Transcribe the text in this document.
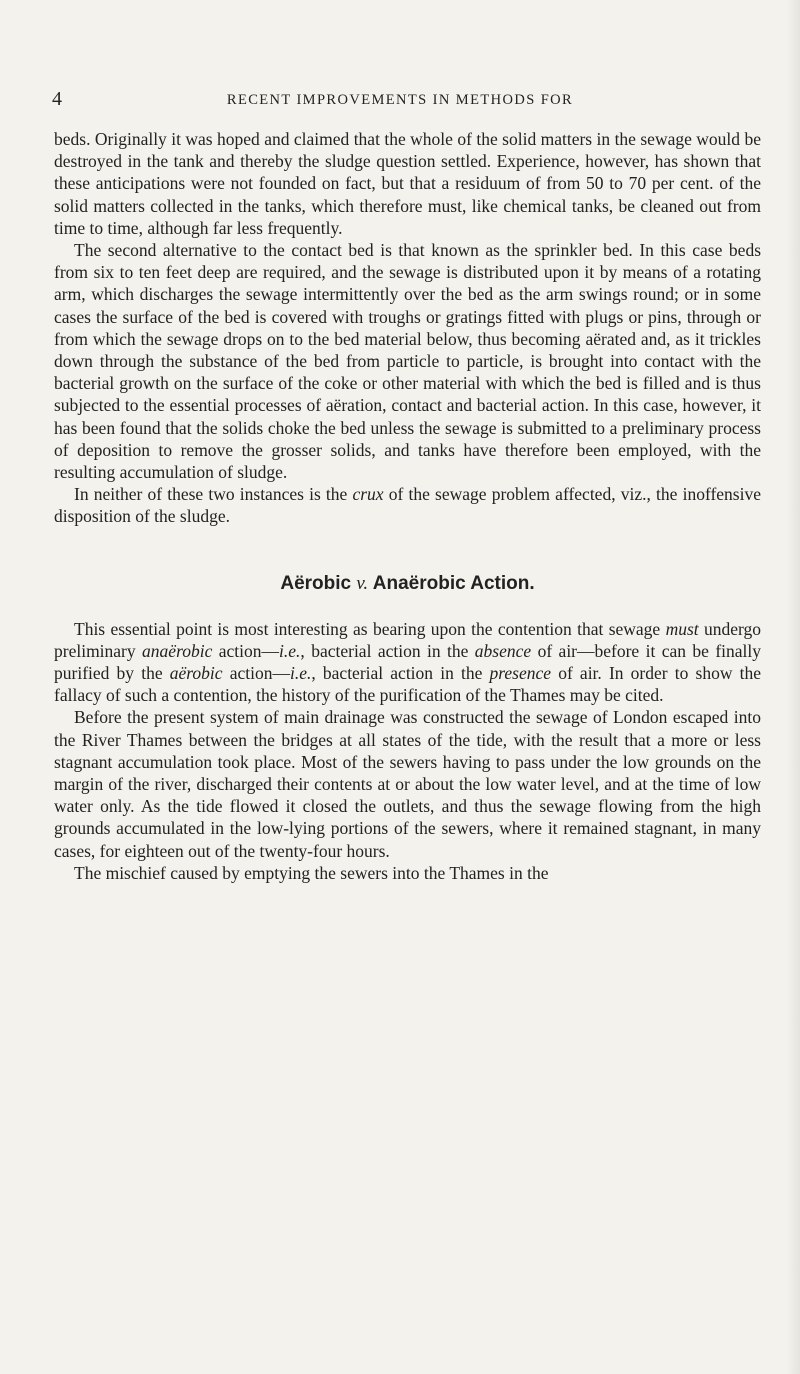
4	RECENT IMPROVEMENTS IN METHODS FOR

beds. Originally it was hoped and claimed that the whole of the solid matters in the sewage would be destroyed in the tank and thereby the sludge question settled. Experience, however, has shown that these anticipations were not founded on fact, but that a residuum of from 50 to 70 per cent. of the solid matters collected in the tanks, which therefore must, like chemical tanks, be cleaned out from time to time, although far less frequently.

The second alternative to the contact bed is that known as the sprinkler bed. In this case beds from six to ten feet deep are required, and the sewage is distributed upon it by means of a rotating arm, which discharges the sewage intermittently over the bed as the arm swings round; or in some cases the surface of the bed is covered with troughs or gratings fitted with plugs or pins, through or from which the sewage drops on to the bed material below, thus becoming aërated and, as it trickles down through the substance of the bed from particle to particle, is brought into contact with the bacterial growth on the surface of the coke or other material with which the bed is filled and is thus subjected to the essential processes of aëration, contact and bacterial action. In this case, however, it has been found that the solids choke the bed unless the sewage is submitted to a preliminary process of deposition to remove the grosser solids, and tanks have therefore been employed, with the resulting accumulation of sludge.

In neither of these two instances is the crux of the sewage problem affected, viz., the inoffensive disposition of the sludge.

Aërobic v. Anaërobic Action.

This essential point is most interesting as bearing upon the contention that sewage must undergo preliminary anaërobic action—i.e., bacterial action in the absence of air—before it can be finally purified by the aërobic action—i.e., bacterial action in the presence of air. In order to show the fallacy of such a contention, the history of the purification of the Thames may be cited.

Before the present system of main drainage was constructed the sewage of London escaped into the River Thames between the bridges at all states of the tide, with the result that a more or less stagnant accumulation took place. Most of the sewers having to pass under the low grounds on the margin of the river, discharged their contents at or about the low water level, and at the time of low water only. As the tide flowed it closed the outlets, and thus the sewage flowing from the high grounds accumulated in the low-lying portions of the sewers, where it remained stagnant, in many cases, for eighteen out of the twenty-four hours.

The mischief caused by emptying the sewers into the Thames in the
